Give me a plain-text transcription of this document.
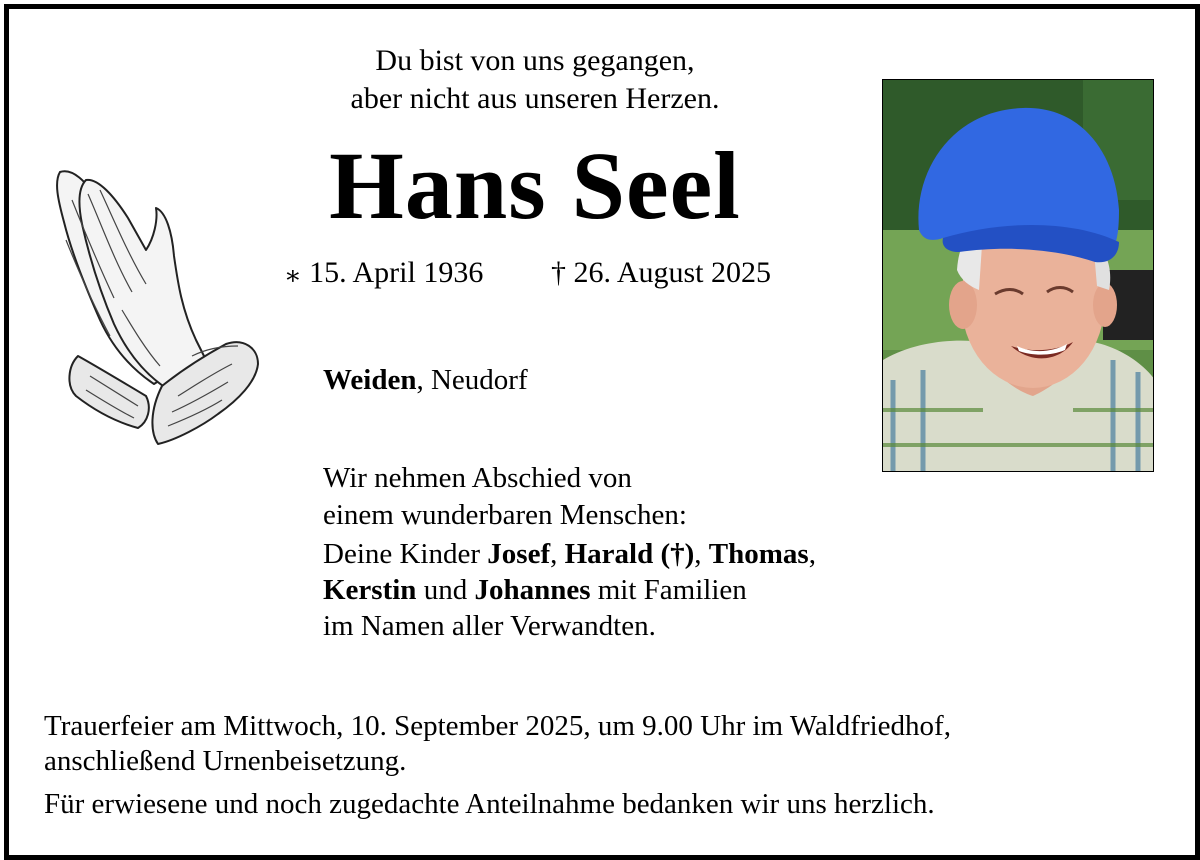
Du bist von uns gegangen,
aber nicht aus unseren Herzen.
Hans Seel
∗ 15. April 1936 † 26. August 2025
Weiden, Neudorf
Wir nehmen Abschied von
einem wunderbaren Menschen:
Deine Kinder Josef, Harald (†), Thomas,
Kerstin und Johannes mit Familien
im Namen aller Verwandten.
Trauerfeier am Mittwoch, 10. September 2025, um 9.00 Uhr im Waldfriedhof,
anschließend Urnenbeisetzung.
Für erwiesene und noch zugedachte Anteilnahme bedanken wir uns herzlich.
